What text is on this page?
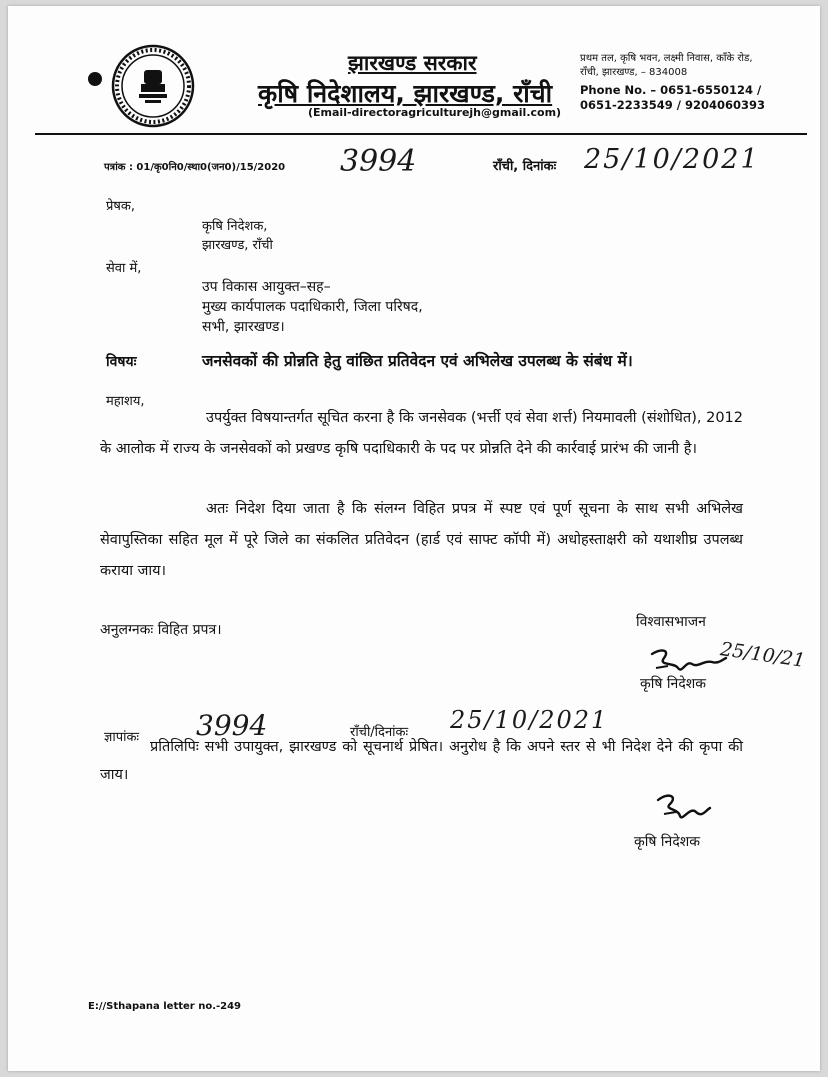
झारखण्ड सरकार
कृषि निदेशालय, झारखण्ड, राँची
(Email-directoragriculturejh@gmail.com)
प्रथम तल, कृषि भवन, लक्ष्मी निवास, काँके रोड,
राँची, झारखण्ड, – 834008
Phone No. – 0651-6550124 / 0651-2233549 / 9204060393
पत्रांक : 01/कृ0नि0/स्था0(जन0)/15/2020 3994	राँची, दिनांकः 25/10/2021
प्रेषक,
कृषि निदेशक,
झारखण्ड, राँची
सेवा में,
उप विकास आयुक्त–सह–
मुख्य कार्यपालक पदाधिकारी, जिला परिषद,
सभी, झारखण्ड।
विषयः	जनसेवकों की प्रोन्नति हेतु वांछित प्रतिवेदन एवं अभिलेख उपलब्ध के संबंध में।
महाशय,
उपर्युक्त विषयान्तर्गत सूचित करना है कि जनसेवक (भर्त्ती एवं सेवा शर्त्त) नियमावली (संशोधित), 2012 के आलोक में राज्य के जनसेवकों को प्रखण्ड कृषि पदाधिकारी के पद पर प्रोन्नति देने की कार्रवाई प्रारंभ की जानी है।
अतः निदेश दिया जाता है कि संलग्न विहित प्रपत्र में स्पष्ट एवं पूर्ण सूचना के साथ सभी अभिलेख सेवापुस्तिका सहित मूल में पूरे जिले का संकलित प्रतिवेदन (हार्ड एवं साफ्ट कॉपी में) अधोहस्ताक्षरी को यथाशीघ्र उपलब्ध कराया जाय।
अनुलग्नकः विहित प्रपत्र।	विश्वासभाजन
25/10/21
कृषि निदेशक
ज्ञापांकः 3994	राँची/दिनांकः 25/10/2021
प्रतिलिपिः सभी उपायुक्त, झारखण्ड को सूचनार्थ प्रेषित। अनुरोध है कि अपने स्तर से भी निदेश देने की कृपा की जाय।
कृषि निदेशक
E://Sthapana letter no.-249
